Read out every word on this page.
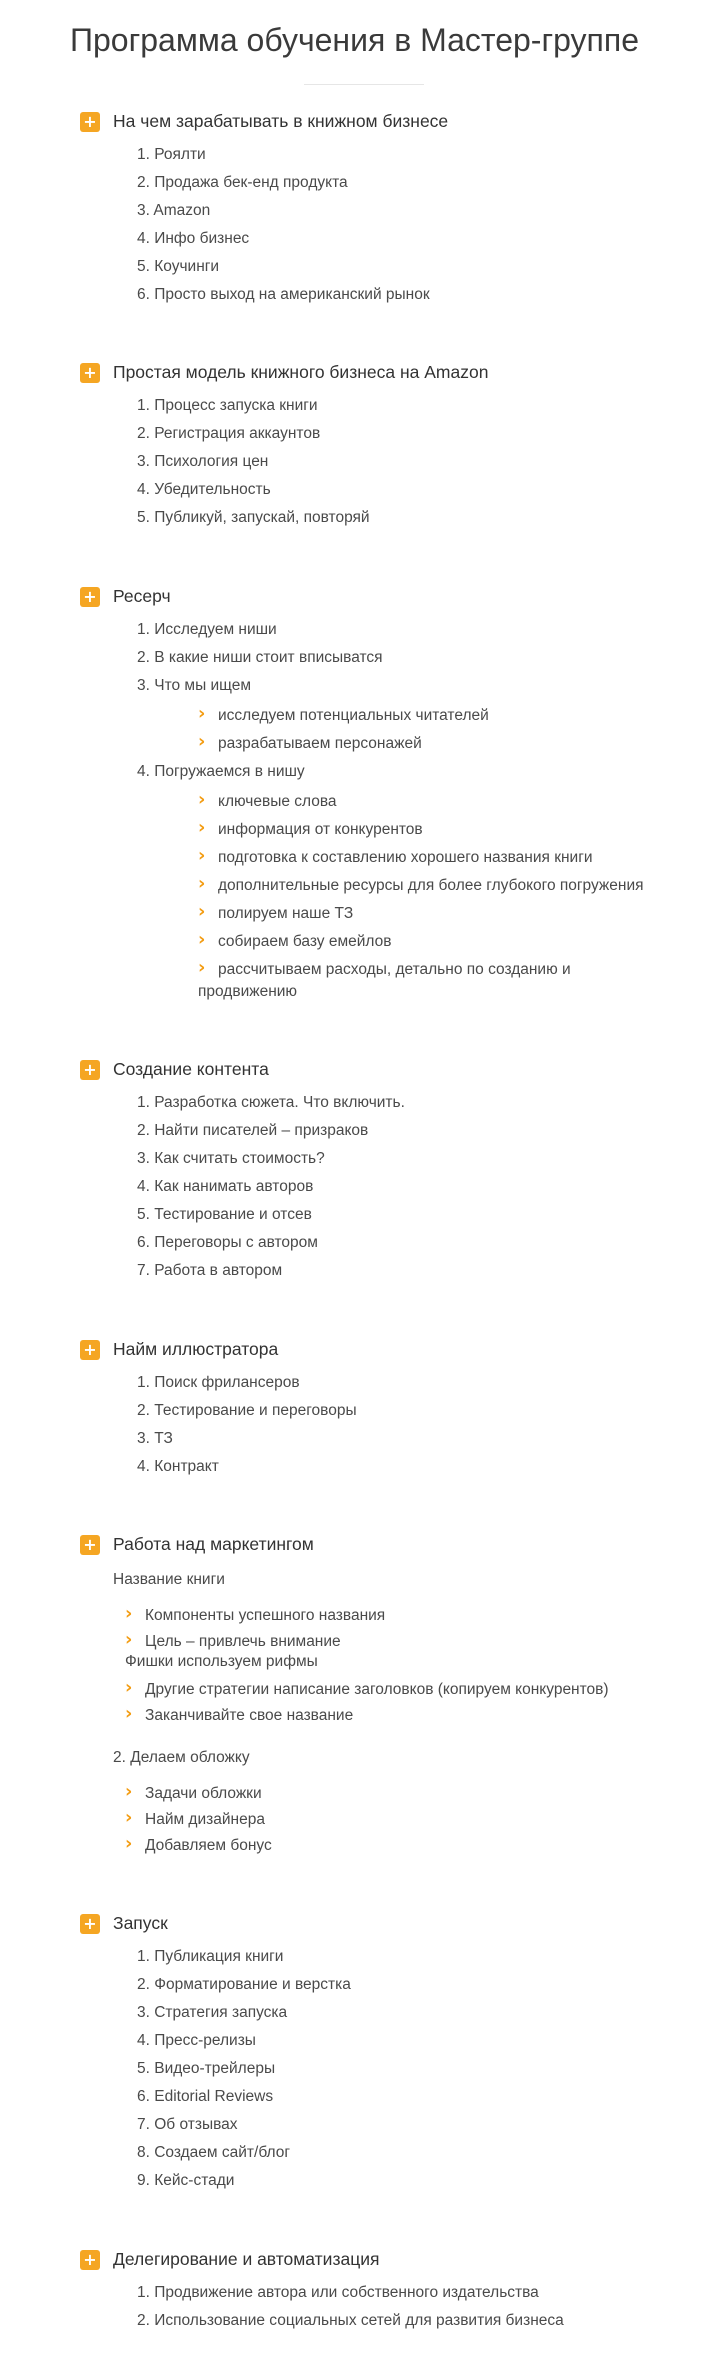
Программа обучения в Мастер-группе
+ На чем зарабатывать в книжном бизнесе
1. Роялти
2. Продажа бек-енд продукта
3. Amazon
4. Инфо бизнес
5. Коучинги
6. Просто выход на американский рынок
+ Простая модель книжного бизнеса на Amazon
1. Процесс запуска книги
2. Регистрация аккаунтов
3. Психология цен
4. Убедительность
5. Публикуй, запускай, повторяй
+ Ресерч
1. Исследуем ниши
2. В какие ниши стоит вписыватся
3. Что мы ищем
› исследуем потенциальных читателей
› разрабатываем персонажей
4. Погружаемся в нишу
› ключевые слова
› информация от конкурентов
› подготовка к составлению хорошего названия книги
› дополнительные ресурсы для более глубокого погружения
› полируем наше ТЗ
› собираем базу емейлов
› рассчитываем расходы, детально по созданию и
продвижению
+ Создание контента
1. Разработка сюжета. Что включить.
2. Найти писателей – призраков
3. Как считать стоимость?
4. Как нанимать авторов
5. Тестирование и отсев
6. Переговоры с автором
7. Работа в автором
+ Найм иллюстратора
1. Поиск фрилансеров
2. Тестирование и переговоры
3. ТЗ
4. Контракт
+ Работа над маркетингом
Название книги
› Компоненты успешного названия
› Цель – привлечь внимание
Фишки используем рифмы
› Другие стратегии написание заголовков (копируем конкурентов)
› Заканчивайте свое название
2. Делаем обложку
› Задачи обложки
› Найм дизайнера
› Добавляем бонус
+ Запуск
1. Публикация книги
2. Форматирование и верстка
3. Стратегия запуска
4. Пресс-релизы
5. Видео-трейлеры
6. Editorial Reviews
7. Об отзывах
8. Создаем сайт/блог
9. Кейс-стади
+ Делегирование и автоматизация
1. Продвижение автора или собственного издательства
2. Использование социальных сетей для развития бизнеса
